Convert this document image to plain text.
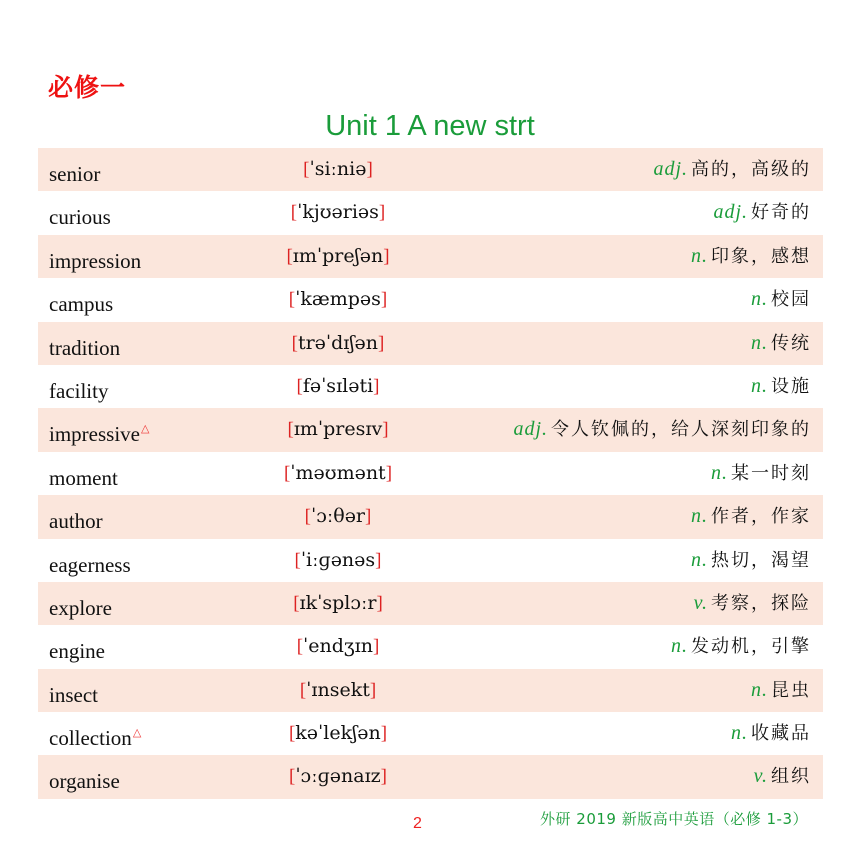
必修一
Unit 1 A new strt
senior	[ˈsiːniə]	adj. 高的，高级的
curious	[ˈkjʊəriəs]	adj. 好奇的
impression	[ɪmˈpreʃən]	n. 印象，感想
campus	[ˈkæmpəs]	n. 校园
tradition	[trəˈdɪʃən]	n. 传统
facility	[fəˈsɪləti]	n. 设施
impressive△	[ɪmˈpresɪv]	adj. 令人钦佩的，给人深刻印象的
moment	[ˈməʊmənt]	n. 某一时刻
author	[ˈɔːθər]	n. 作者，作家
eagerness	[ˈiːɡənəs]	n. 热切，渴望
explore	[ɪkˈsplɔːr]	v. 考察，探险
engine	[ˈendʒɪn]	n. 发动机，引擎
insect	[ˈɪnsekt]	n. 昆虫
collection△	[kəˈlekʃən]	n. 收藏品
organise	[ˈɔːɡənaɪz]	v. 组织
2	外研 2019 新版高中英语（必修 1-3）
